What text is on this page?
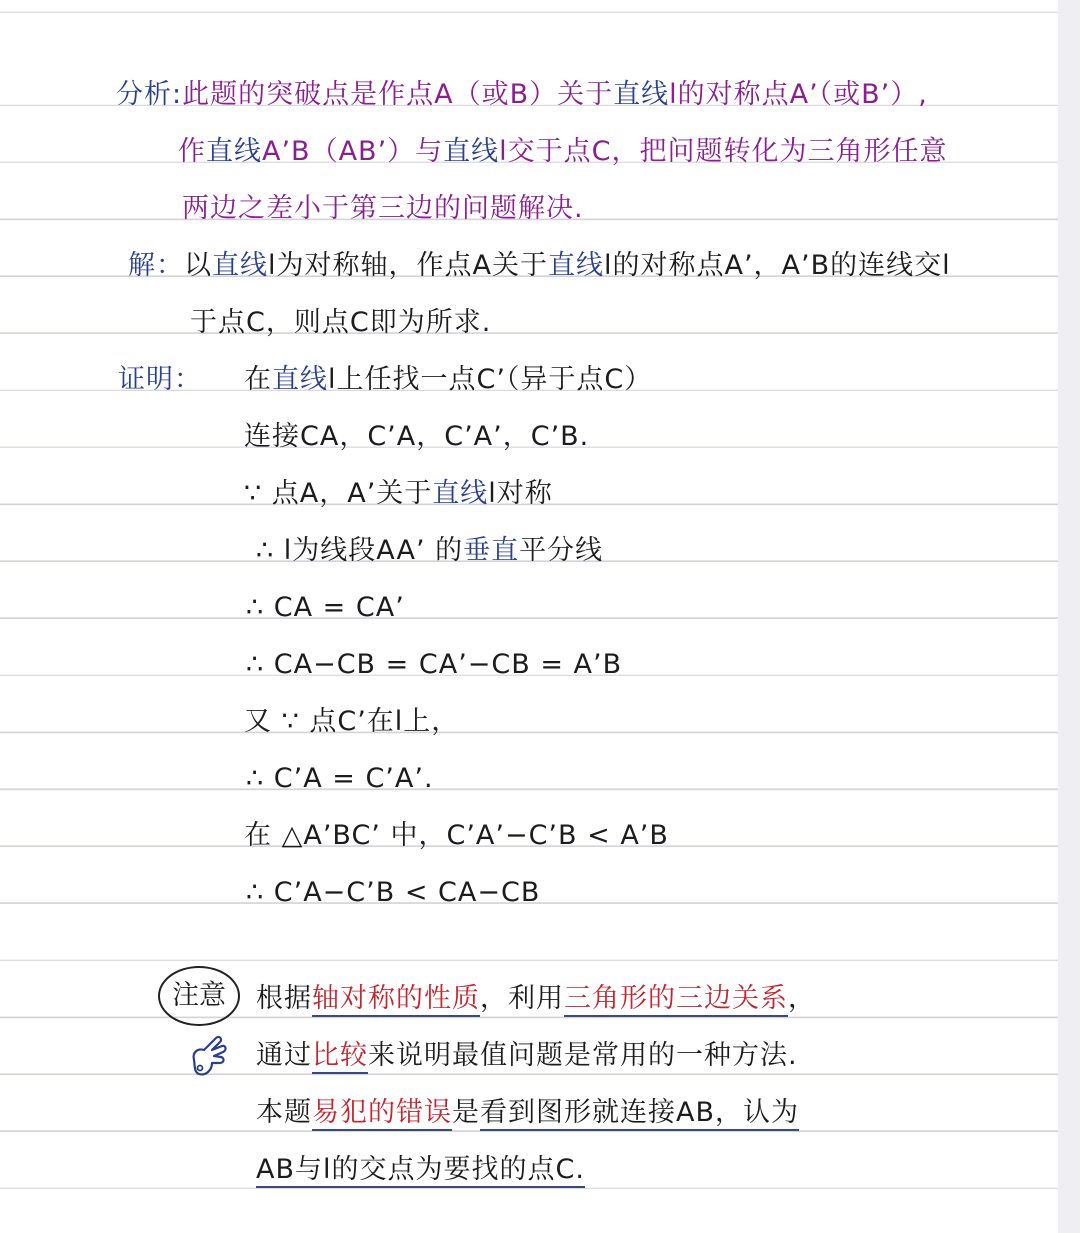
分析:此题的突破点是作点A（或B）关于直线l的对称点A’（或B’）,
作直线A’B（AB’）与直线l交于点C，把问题转化为三角形任意
两边之差小于第三边的问题解决.
解：以直线l为对称轴，作点A关于直线l的对称点A’，A’B的连线交l
于点C，则点C即为所求.
证明： 在直线l上任找一点C’（异于点C）
连接CA，C’A，C’A’，C’B.
∵ 点A，A’关于直线l对称
∴ l为线段AA’ 的垂直平分线
∴ CA = CA’
∴ CA−CB = CA’−CB = A’B
又 ∵ 点C’在l上，
∴ C’A = C’A’.
在 △A’BC’ 中，C’A’−C’B < A’B
∴ C’A−C’B < CA−CB
注意	根据轴对称的性质，利用三角形的三边关系，
通过比较来说明最值问题是常用的一种方法.
本题易犯的错误是看到图形就连接AB，认为
AB与l的交点为要找的点C.
